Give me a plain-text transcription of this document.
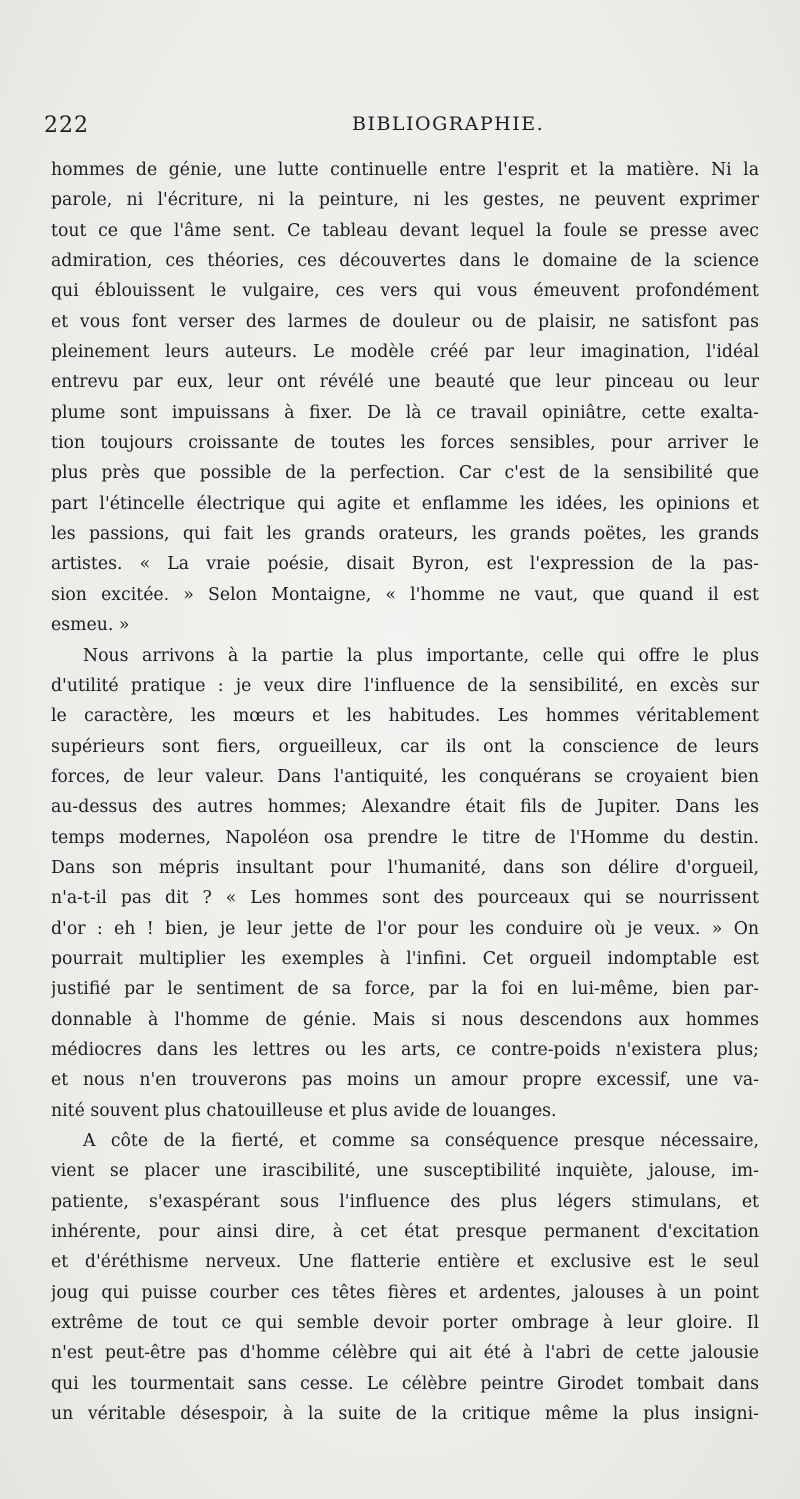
222	BIBLIOGRAPHIE.
hommes de génie, une lutte continuelle entre l'esprit et la matière. Ni la
parole, ni l'écriture, ni la peinture, ni les gestes, ne peuvent exprimer
tout ce que l'âme sent. Ce tableau devant lequel la foule se presse avec
admiration, ces théories, ces découvertes dans le domaine de la science
qui éblouissent le vulgaire, ces vers qui vous émeuvent profondément
et vous font verser des larmes de douleur ou de plaisir, ne satisfont pas
pleinement leurs auteurs. Le modèle créé par leur imagination, l'idéal
entrevu par eux, leur ont révélé une beauté que leur pinceau ou leur
plume sont impuissans à fixer. De là ce travail opiniâtre, cette exalta-
tion toujours croissante de toutes les forces sensibles, pour arriver le
plus près que possible de la perfection. Car c'est de la sensibilité que
part l'étincelle électrique qui agite et enflamme les idées, les opinions et
les passions, qui fait les grands orateurs, les grands poëtes, les grands
artistes. « La vraie poésie, disait Byron, est l'expression de la pas-
sion excitée. » Selon Montaigne, « l'homme ne vaut, que quand il est
esmeu. »
Nous arrivons à la partie la plus importante, celle qui offre le plus
d'utilité pratique : je veux dire l'influence de la sensibilité, en excès sur
le caractère, les mœurs et les habitudes. Les hommes véritablement
supérieurs sont fiers, orgueilleux, car ils ont la conscience de leurs
forces, de leur valeur. Dans l'antiquité, les conquérans se croyaient bien
au-dessus des autres hommes; Alexandre était fils de Jupiter. Dans les
temps modernes, Napoléon osa prendre le titre de l'Homme du destin.
Dans son mépris insultant pour l'humanité, dans son délire d'orgueil,
n'a-t-il pas dit ? « Les hommes sont des pourceaux qui se nourrissent
d'or : eh ! bien, je leur jette de l'or pour les conduire où je veux. » On
pourrait multiplier les exemples à l'infini. Cet orgueil indomptable est
justifié par le sentiment de sa force, par la foi en lui-même, bien par-
donnable à l'homme de génie. Mais si nous descendons aux hommes
médiocres dans les lettres ou les arts, ce contre-poids n'existera plus;
et nous n'en trouverons pas moins un amour propre excessif, une va-
nité souvent plus chatouilleuse et plus avide de louanges.
A côte de la fierté, et comme sa conséquence presque nécessaire,
vient se placer une irascibilité, une susceptibilité inquiète, jalouse, im-
patiente, s'exaspérant sous l'influence des plus légers stimulans, et
inhérente, pour ainsi dire, à cet état presque permanent d'excitation
et d'éréthisme nerveux. Une flatterie entière et exclusive est le seul
joug qui puisse courber ces têtes fières et ardentes, jalouses à un point
extrême de tout ce qui semble devoir porter ombrage à leur gloire. Il
n'est peut-être pas d'homme célèbre qui ait été à l'abri de cette jalousie
qui les tourmentait sans cesse. Le célèbre peintre Girodet tombait dans
un véritable désespoir, à la suite de la critique même la plus insigni-
